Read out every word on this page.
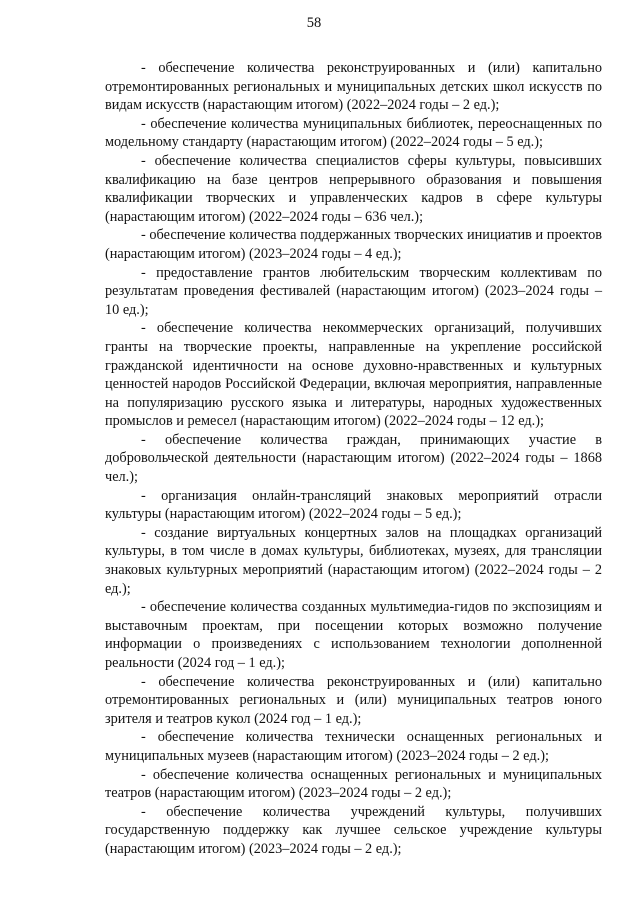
58

- обеспечение количества реконструированных и (или) капитально отремонтированных региональных и муниципальных детских школ искусств по видам искусств (нарастающим итогом) (2022–2024 годы – 2 ед.);

- обеспечение количества муниципальных библиотек, переоснащенных по модельному стандарту (нарастающим итогом) (2022–2024 годы – 5 ед.);

- обеспечение количества специалистов сферы культуры, повысивших квалификацию на базе центров непрерывного образования и повышения квалификации творческих и управленческих кадров в сфере культуры (нарастающим итогом) (2022–2024 годы – 636 чел.);

- обеспечение количества поддержанных творческих инициатив и проектов (нарастающим итогом) (2023–2024 годы – 4 ед.);

- предоставление грантов любительским творческим коллективам по результатам проведения фестивалей (нарастающим итогом) (2023–2024 годы – 10 ед.);

- обеспечение количества некоммерческих организаций, получивших гранты на творческие проекты, направленные на укрепление российской гражданской идентичности на основе духовно-нравственных и культурных ценностей народов Российской Федерации, включая мероприятия, направленные на популяризацию русского языка и литературы, народных художественных промыслов и ремесел (нарастающим итогом) (2022–2024 годы – 12 ед.);

- обеспечение количества граждан, принимающих участие в добровольческой деятельности (нарастающим итогом) (2022–2024 годы – 1868 чел.);

- организация онлайн-трансляций знаковых мероприятий отрасли культуры (нарастающим итогом) (2022–2024 годы – 5 ед.);

- создание виртуальных концертных залов на площадках организаций культуры, в том числе в домах культуры, библиотеках, музеях, для трансляции знаковых культурных мероприятий (нарастающим итогом) (2022–2024 годы – 2 ед.);

- обеспечение количества созданных мультимедиа-гидов по экспозициям и выставочным проектам, при посещении которых возможно получение информации о произведениях с использованием технологии дополненной реальности (2024 год – 1 ед.);

- обеспечение количества реконструированных и (или) капитально отремонтированных региональных и (или) муниципальных театров юного зрителя и театров кукол (2024 год – 1 ед.);

- обеспечение количества технически оснащенных региональных и муниципальных музеев (нарастающим итогом) (2023–2024 годы – 2 ед.);

- обеспечение количества оснащенных региональных и муниципальных театров (нарастающим итогом) (2023–2024 годы – 2 ед.);

- обеспечение количества учреждений культуры, получивших государственную поддержку как лучшее сельское учреждение культуры (нарастающим итогом) (2023–2024 годы – 2 ед.);
